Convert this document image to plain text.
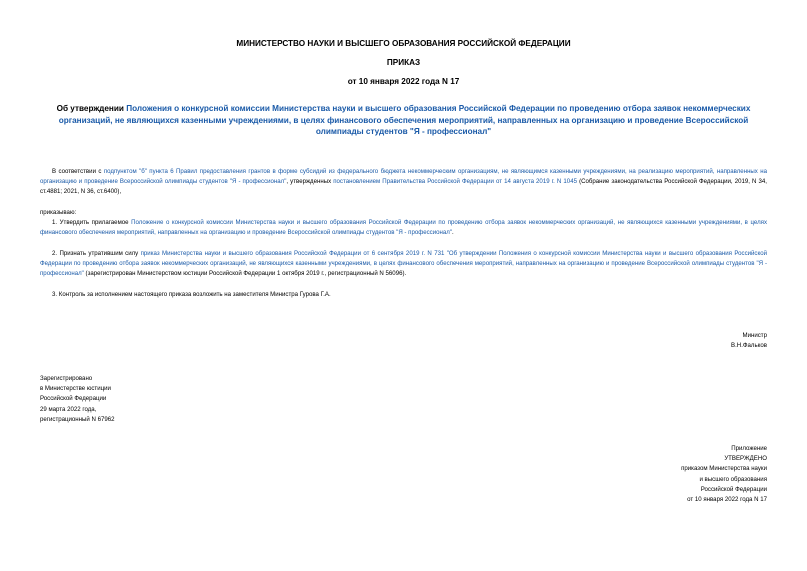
МИНИСТЕРСТВО НАУКИ И ВЫСШЕГО ОБРАЗОВАНИЯ РОССИЙСКОЙ ФЕДЕРАЦИИ
ПРИКАЗ
от 10 января 2022 года N 17
Об утверждении Положения о конкурсной комиссии Министерства науки и высшего образования Российской Федерации по проведению отбора заявок некоммерческих организаций, не являющихся казенными учреждениями, в целях финансового обеспечения мероприятий, направленных на организацию и проведение Всероссийской олимпиады студентов "Я - профессионал"
В соответствии с подпунктом "б" пункта 6 Правил предоставления грантов в форме субсидий из федерального бюджета некоммерческим организациям, не являющимся казенными учреждениями, на реализацию мероприятий, направленных на организацию и проведение Всероссийской олимпиады студентов "Я - профессионал", утвержденных постановлением Правительства Российской Федерации от 14 августа 2019 г. N 1045 (Собрание законодательства Российской Федерации, 2019, N 34, ст.4881; 2021, N 36, ст.6400),
приказываю:
1. Утвердить прилагаемое Положение о конкурсной комиссии Министерства науки и высшего образования Российской Федерации по проведению отбора заявок некоммерческих организаций, не являющихся казенными учреждениями, в целях финансового обеспечения мероприятий, направленных на организацию и проведение Всероссийской олимпиады студентов "Я - профессионал".
2. Признать утратившим силу приказ Министерства науки и высшего образования Российской Федерации от 6 сентября 2019 г. N 731 "Об утверждении Положения о конкурсной комиссии Министерства науки и высшего образования Российской Федерации по проведению отбора заявок некоммерческих организаций, не являющихся казенными учреждениями, в целях финансового обеспечения мероприятий, направленных на организацию и проведение Всероссийской олимпиады студентов "Я - профессионал" (зарегистрирован Министерством юстиции Российской Федерации 1 октября 2019 г., регистрационный N 56096).
3. Контроль за исполнением настоящего приказа возложить на заместителя Министра Гурова Г.А.
Министр
В.Н.Фальков
Зарегистрировано
в Министерстве юстиции
Российской Федерации
29 марта 2022 года,
регистрационный N 67962
Приложение
УТВЕРЖДЕНО
приказом Министерства науки
и высшего образования
Российской Федерации
от 10 января 2022 года N 17
